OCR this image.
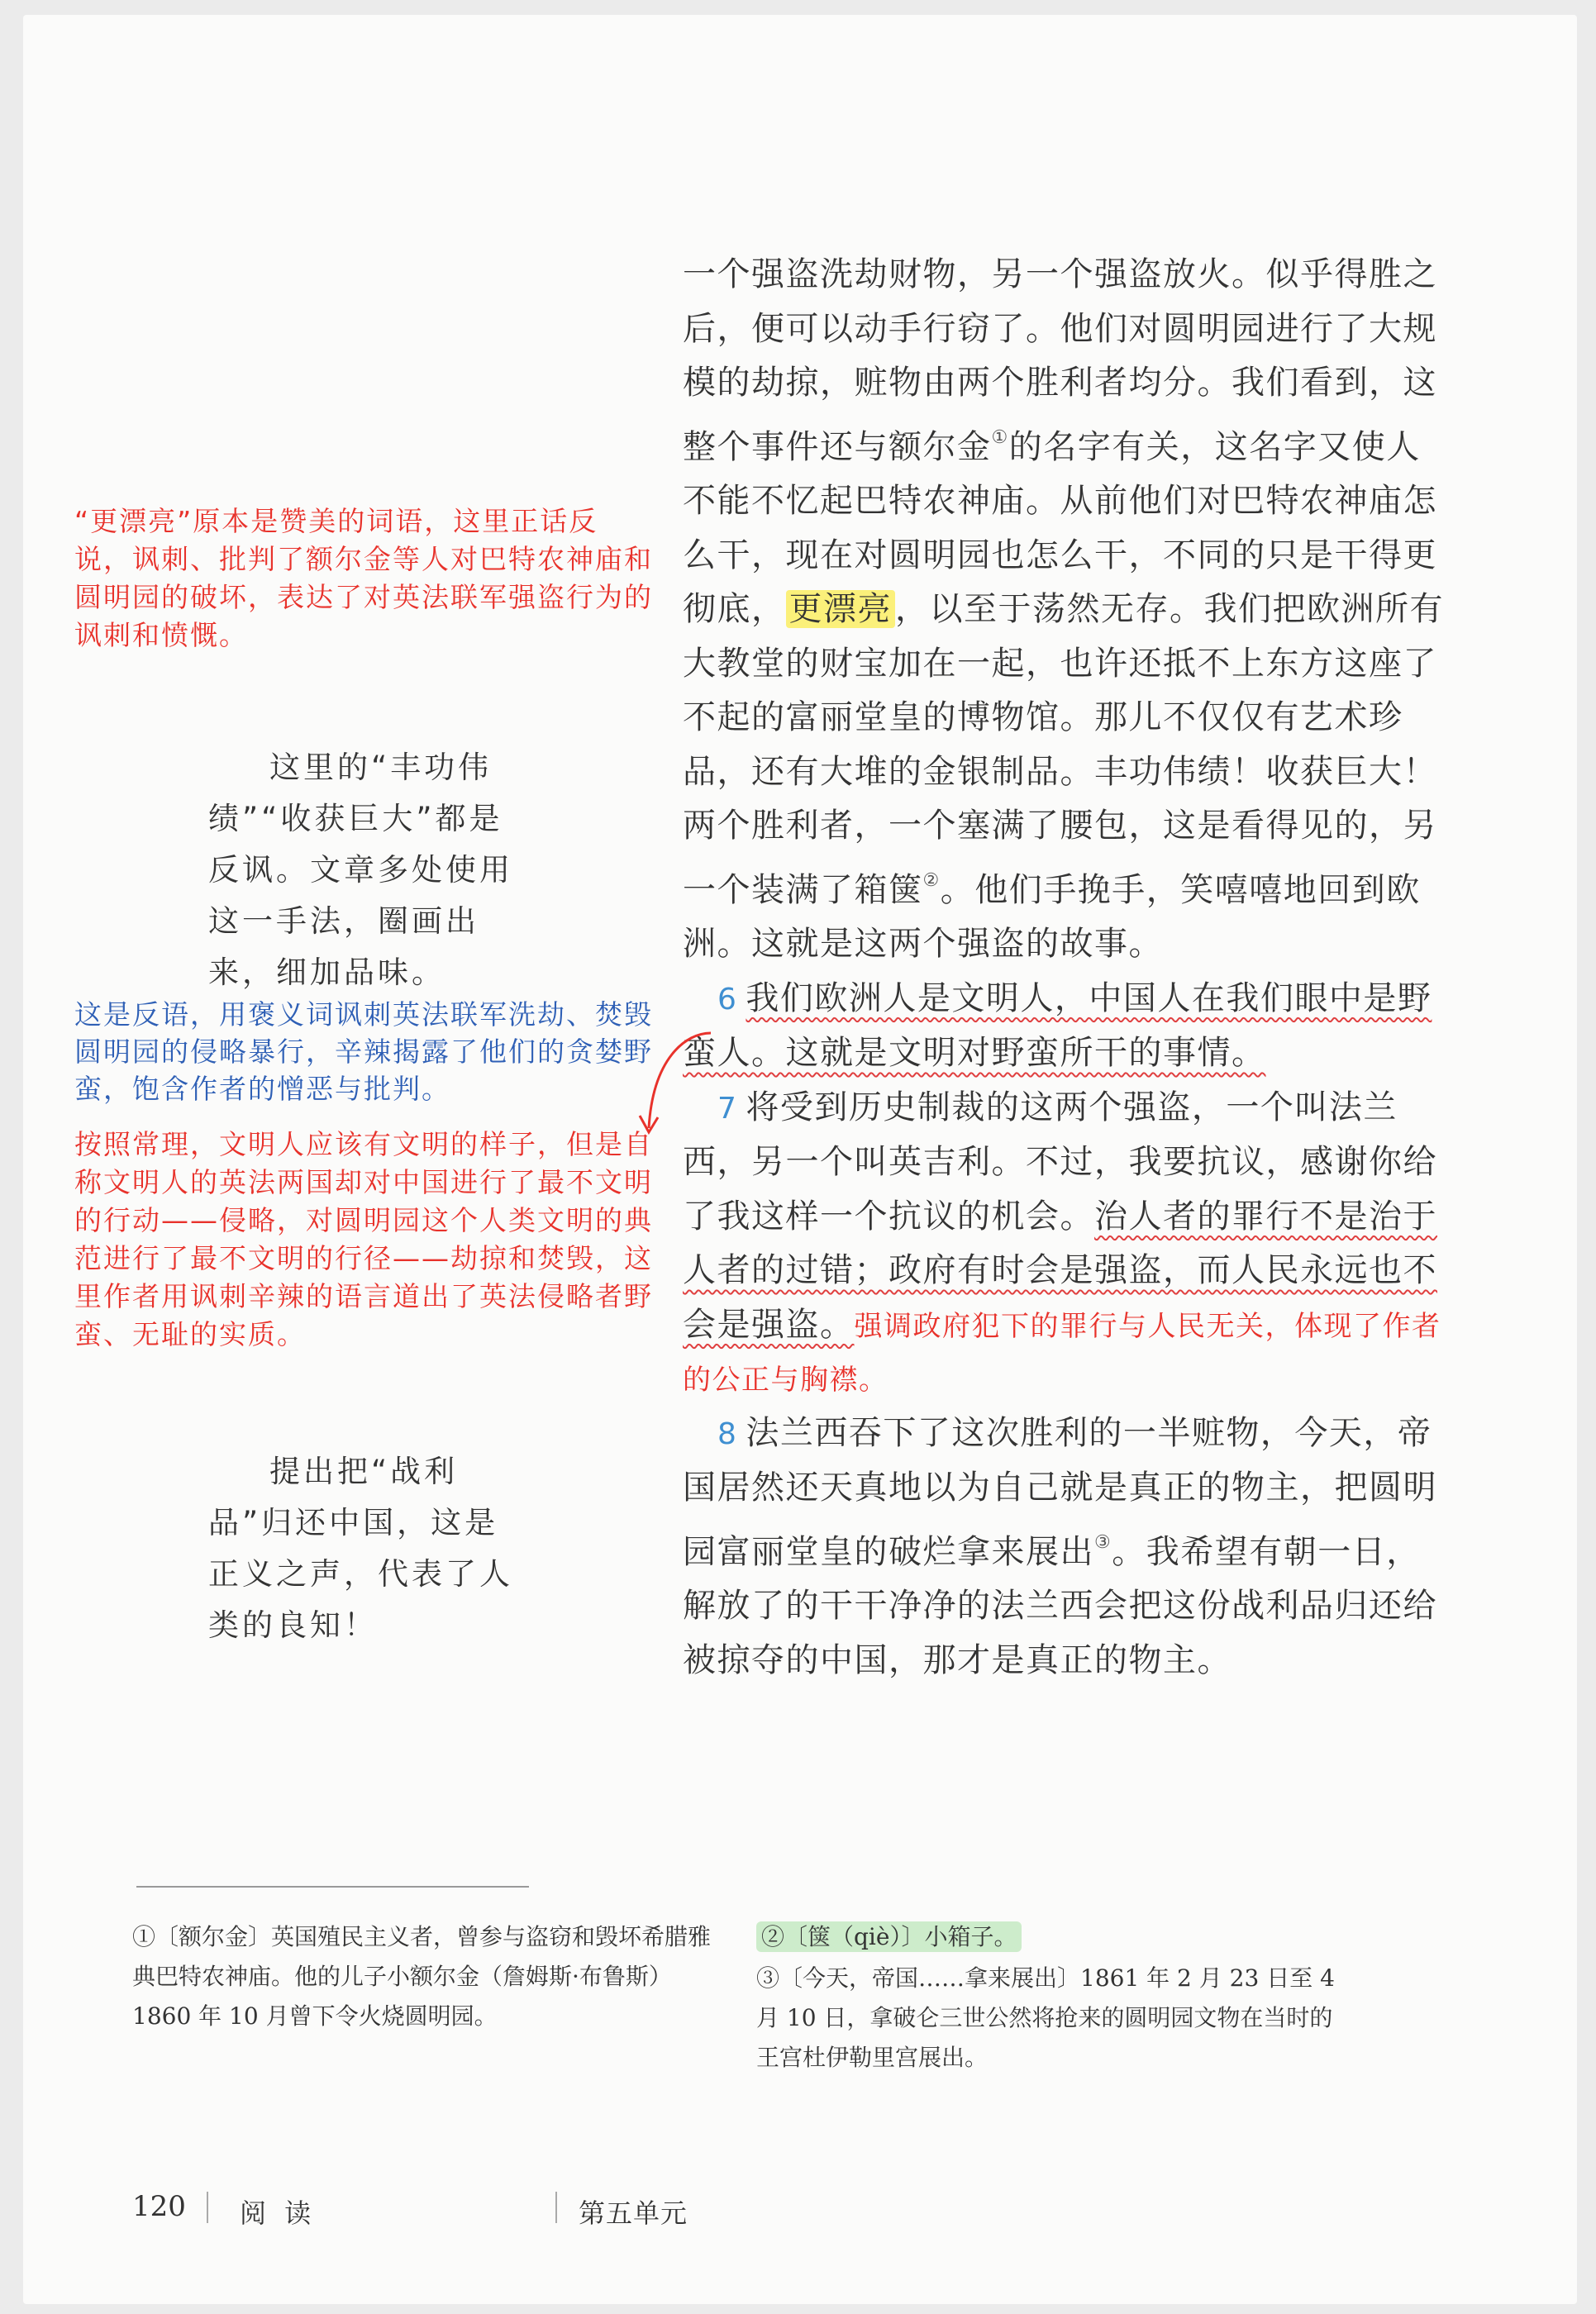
一个强盗洗劫财物，另一个强盗放火。似乎得胜之后，便可以动手行窃了。他们对圆明园进行了大规模的劫掠，赃物由两个胜利者均分。我们看到，这整个事件还与额尔金①的名字有关，这名字又使人不能不忆起巴特农神庙。从前他们对巴特农神庙怎么干，现在对圆明园也怎么干，不同的只是干得更彻底， 更漂亮 ，以至于荡然无存。我们把欧洲所有大教堂的财宝加在一起，也许还抵不上东方这座了不起的富丽堂皇的博物馆。那儿不仅仅有艺术珍品，还有大堆的金银制品。丰功伟绩！收获巨大！两个胜利者，一个塞满了腰包，这是看得见的，另一个装满了箱箧②。他们手挽手，笑嘻嘻地回到欧洲。这就是这两个强盗的故事。

6 我们欧洲人是文明人，中国人在我们眼中是野蛮人。这就是文明对野蛮所干的事情。

7 将受到历史制裁的这两个强盗，一个叫法兰西，另一个叫英吉利。不过，我要抗议，感谢你给了我这样一个抗议的机会。治人者的罪行不是治于人者的过错；政府有时会是强盗，而人民永远也不会是强盗。强调政府犯下的罪行与人民无关，体现了作者的公正与胸襟。

8 法兰西吞下了这次胜利的一半赃物，今天，帝国居然还天真地以为自己就是真正的物主，把圆明园富丽堂皇的破烂拿来展出③。我希望有朝一日，解放了的干干净净的法兰西会把这份战利品归还给被掠夺的中国，那才是真正的物主。

“更漂亮”原本是赞美的词语，这里正话反说，讽刺、批判了额尔金等人对巴特农神庙和圆明园的破坏，表达了对英法联军强盗行为的讽刺和愤慨。

这里的“丰功伟绩”“收获巨大”都是反讽。文章多处使用这一手法，圈画出来，细加品味。

这是反语，用褒义词讽刺英法联军洗劫、焚毁圆明园的侵略暴行，辛辣揭露了他们的贪婪野蛮，饱含作者的憎恶与批判。
按照常理，文明人应该有文明的样子，但是自称文明人的英法两国却对中国进行了最不文明的行动——侵略，对圆明园这个人类文明的典范进行了最不文明的行径——劫掠和焚毁，这里作者用讽刺辛辣的语言道出了英法侵略者野蛮、无耻的实质。

提出把“战利品”归还中国，这是正义之声，代表了人类的良知！

①〔额尔金〕英国殖民主义者，曾参与盗窃和毁坏希腊雅典巴特农神庙。他的儿子小额尔金（詹姆斯·布鲁斯）1860 年 10 月曾下令火烧圆明园。
②〔箧（qiè）〕小箱子。
③〔今天，帝国……拿来展出〕1861 年 2 月 23 日至 4 月 10 日，拿破仑三世公然将抢来的圆明园文物在当时的王宫杜伊勒里宫展出。
120 阅 读	第五单元
